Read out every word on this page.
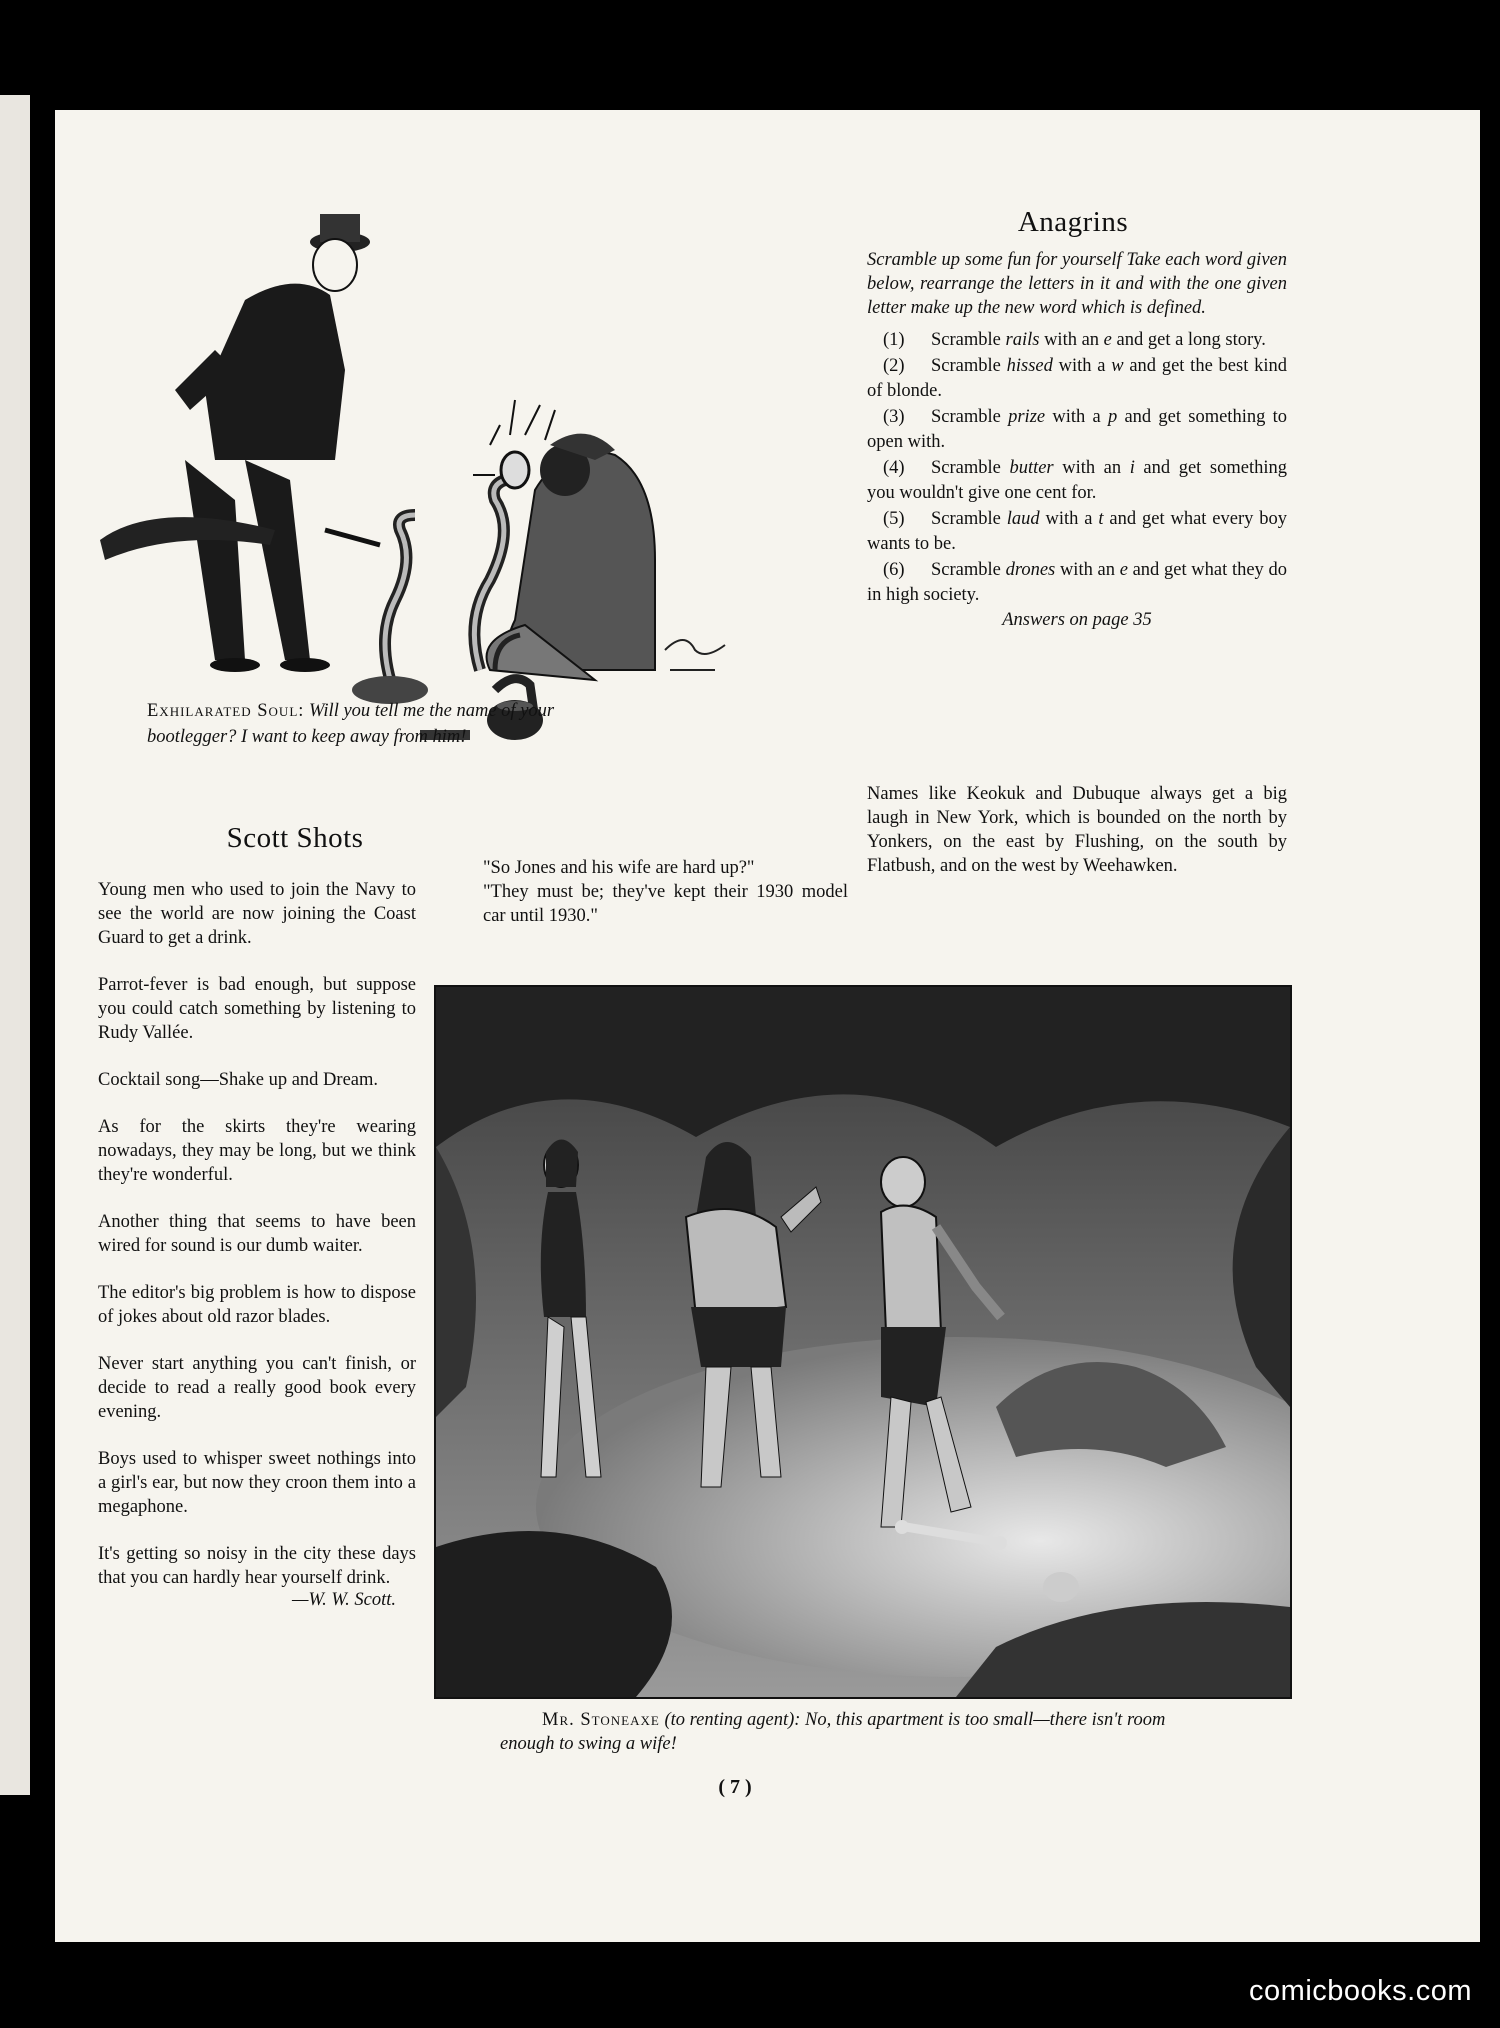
Exhilarated Soul: Will you tell me the name of your bootlegger? I want to keep away from him!
Anagrins
Scramble up some fun for yourself Take each word given below, rearrange the letters in it and with the one given letter make up the new word which is defined.
(1) Scramble rails with an e and get a long story.
(2) Scramble hissed with a w and get the best kind of blonde.
(3) Scramble prize with a p and get something to open with.
(4) Scramble butter with an i and get something you wouldn't give one cent for.
(5) Scramble laud with a t and get what every boy wants to be.
(6) Scramble drones with an e and get what they do in high society.
Answers on page 35
Names like Keokuk and Dubuque always get a big laugh in New York, which is bounded on the north by Yonkers, on the east by Flushing, on the south by Flatbush, and on the west by Weehawken.
Scott Shots
"So Jones and his wife are hard up?"
"They must be; they've kept their 1930 model car until 1930."

Young men who used to join the Navy to see the world are now joining the Coast Guard to get a drink.

Parrot-fever is bad enough, but suppose you could catch something by listening to Rudy Vallée.

Cocktail song—Shake up and Dream.

As for the skirts they're wearing nowadays, they may be long, but we think they're wonderful.

Another thing that seems to have been wired for sound is our dumb waiter.

The editor's big problem is how to dispose of jokes about old razor blades.

Never start anything you can't finish, or decide to read a really good book every evening.

Boys used to whisper sweet nothings into a girl's ear, but now they croon them into a megaphone.

It's getting so noisy in the city these days that you can hardly hear yourself drink.

—W. W. Scott.
Mr. Stoneaxe (to renting agent): No, this apartment is too small—there isn't room enough to swing a wife!
( 7 )
comicbooks.com
